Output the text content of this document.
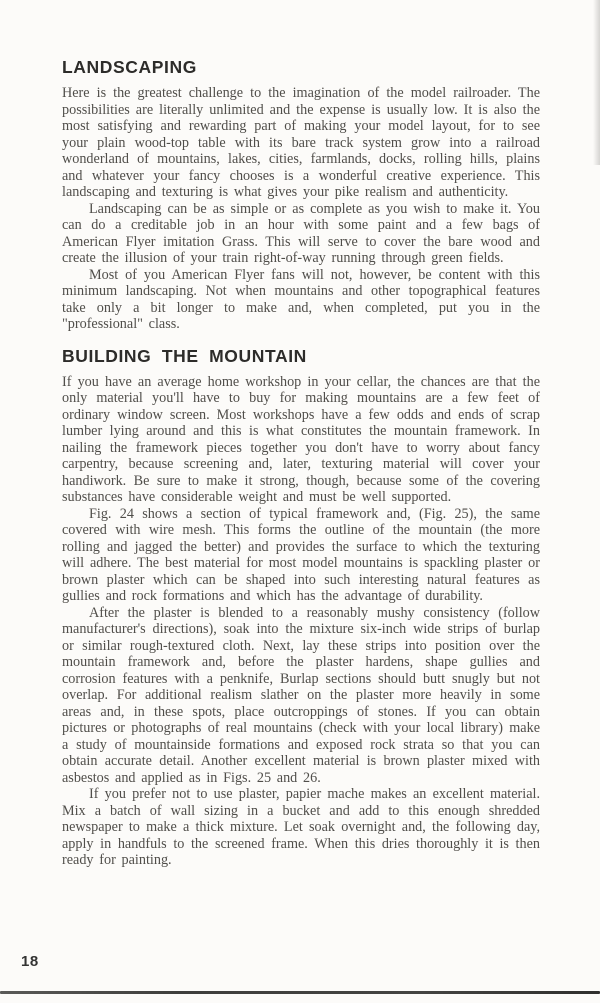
LANDSCAPING

Here is the greatest challenge to the imagination of the model railroader. The possibilities are literally unlimited and the expense is usually low. It is also the most satisfying and rewarding part of making your model layout, for to see your plain wood-top table with its bare track system grow into a railroad wonderland of mountains, lakes, cities, farmlands, docks, rolling hills, plains and whatever your fancy chooses is a wonderful creative experience. This landscaping and texturing is what gives your pike realism and authenticity.

Landscaping can be as simple or as complete as you wish to make it. You can do a creditable job in an hour with some paint and a few bags of American Flyer imitation Grass. This will serve to cover the bare wood and create the illusion of your train right-of-way running through green fields.

Most of you American Flyer fans will not, however, be content with this minimum landscaping. Not when mountains and other topographical features take only a bit longer to make and, when completed, put you in the "professional" class.

BUILDING THE MOUNTAIN

If you have an average home workshop in your cellar, the chances are that the only material you'll have to buy for making mountains are a few feet of ordinary window screen. Most workshops have a few odds and ends of scrap lumber lying around and this is what constitutes the mountain framework. In nailing the framework pieces together you don't have to worry about fancy carpentry, because screening and, later, texturing material will cover your handiwork. Be sure to make it strong, though, because some of the covering substances have considerable weight and must be well supported.

Fig. 24 shows a section of typical framework and, (Fig. 25), the same covered with wire mesh. This forms the outline of the mountain (the more rolling and jagged the better) and provides the surface to which the texturing will adhere. The best material for most model mountains is spackling plaster or brown plaster which can be shaped into such interesting natural features as gullies and rock formations and which has the advantage of durability.

After the plaster is blended to a reasonably mushy consistency (follow manufacturer's directions), soak into the mixture six-inch wide strips of burlap or similar rough-textured cloth. Next, lay these strips into position over the mountain framework and, before the plaster hardens, shape gullies and corrosion features with a penknife, Burlap sections should butt snugly but not overlap. For additional realism slather on the plaster more heavily in some areas and, in these spots, place outcroppings of stones. If you can obtain pictures or photographs of real mountains (check with your local library) make a study of mountainside formations and exposed rock strata so that you can obtain accurate detail. Another excellent material is brown plaster mixed with asbestos and applied as in Figs. 25 and 26.

If you prefer not to use plaster, papier mache makes an excellent material. Mix a batch of wall sizing in a bucket and add to this enough shredded newspaper to make a thick mixture. Let soak overnight and, the following day, apply in handfuls to the screened frame. When this dries thoroughly it is then ready for painting.

18
